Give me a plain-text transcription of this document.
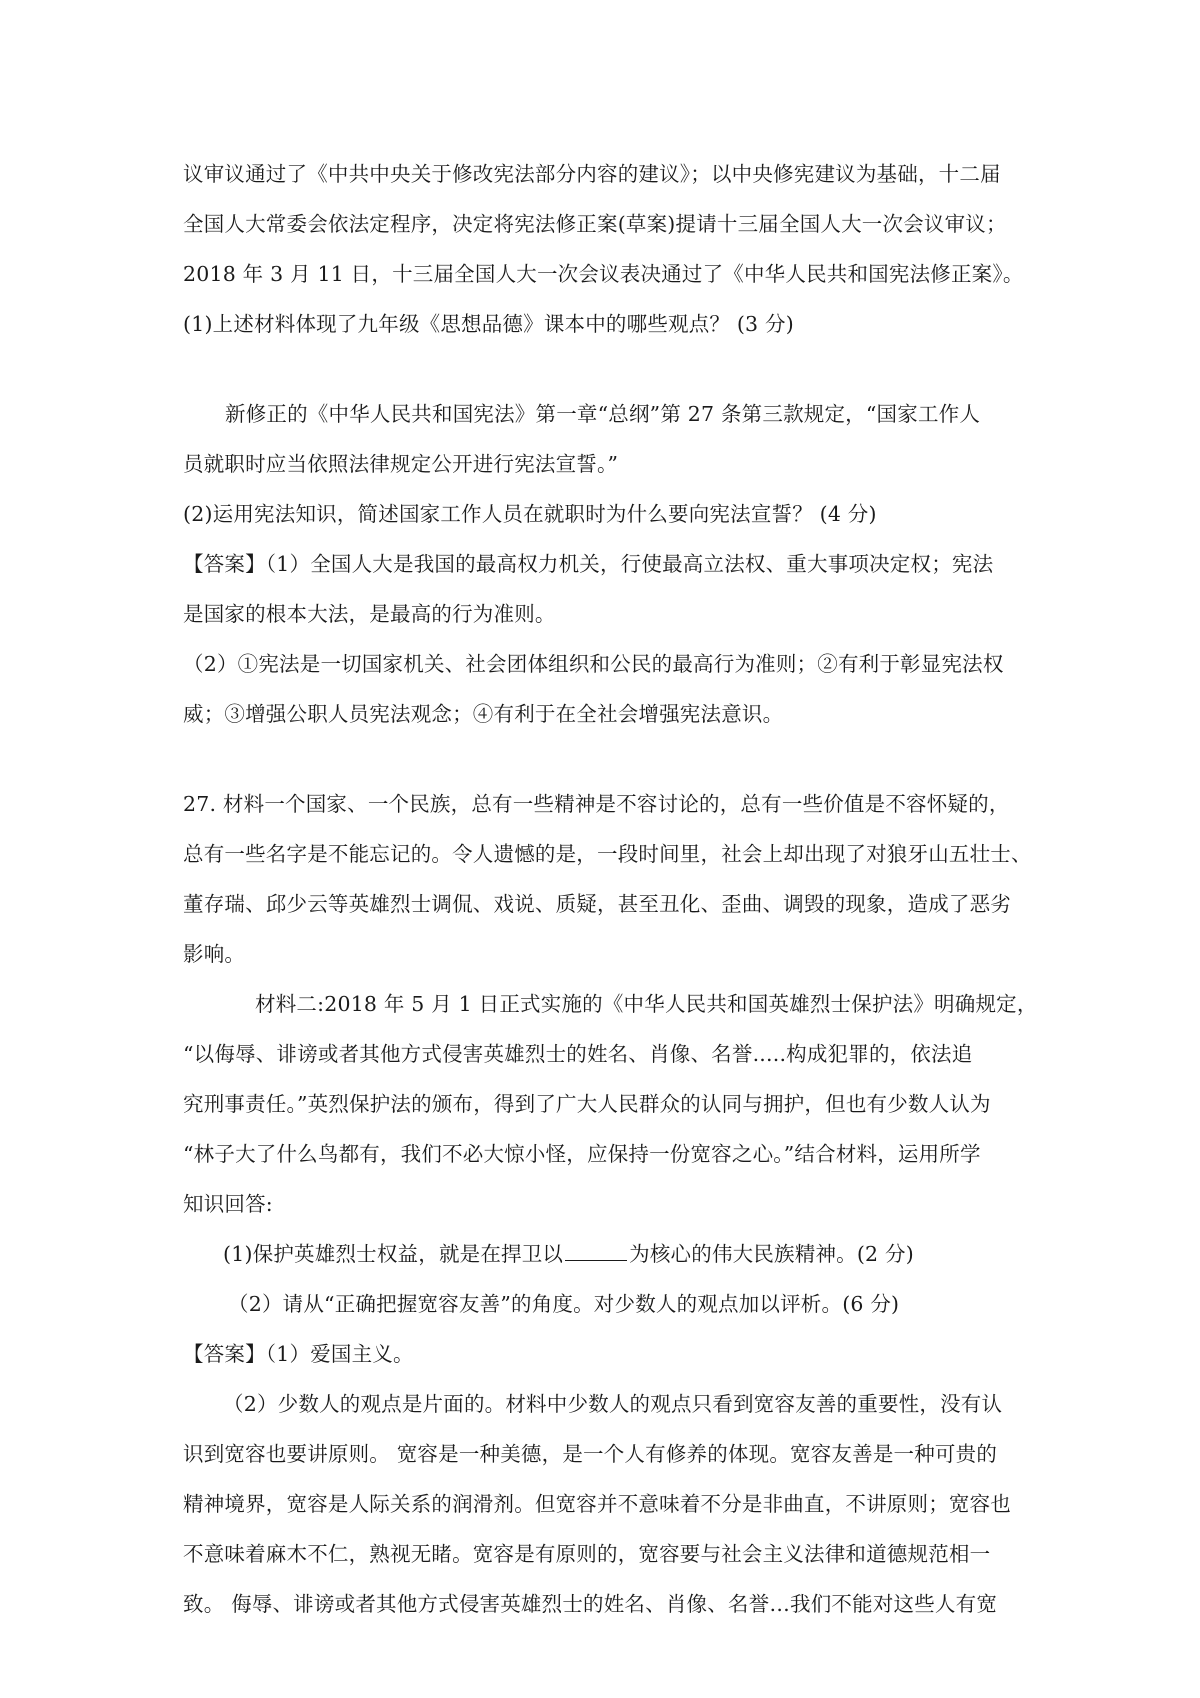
议审议通过了《中共中央关于修改宪法部分内容的建议》；以中央修宪建议为基础，十二届
全国人大常委会依法定程序，决定将宪法修正案(草案)提请十三届全国人大一次会议审议；
2018 年 3 月 11 日，十三届全国人大一次会议表决通过了《中华人民共和国宪法修正案》。
(1)上述材料体现了九年级《思想品德》课本中的哪些观点？ (3 分)
新修正的《中华人民共和国宪法》第一章“总纲”第 27 条第三款规定，“国家工作人
员就职时应当依照法律规定公开进行宪法宣誓。”
(2)运用宪法知识，简述国家工作人员在就职时为什么要向宪法宣誓？ (4 分)
【答案】（1）全国人大是我国的最高权力机关，行使最高立法权、重大事项决定权；宪法
是国家的根本大法，是最高的行为准则。
（2）①宪法是一切国家机关、社会团体组织和公民的最高行为准则；②有利于彰显宪法权
威；③增强公职人员宪法观念；④有利于在全社会增强宪法意识。
27. 材料一个国家、一个民族，总有一些精神是不容讨论的，总有一些价值是不容怀疑的，
总有一些名字是不能忘记的。令人遗憾的是，一段时间里，社会上却出现了对狼牙山五壮士、
董存瑞、邱少云等英雄烈士调侃、戏说、质疑，甚至丑化、歪曲、调毁的现象，造成了恶劣
影响。
材料二:2018 年 5 月 1 日正式实施的《中华人民共和国英雄烈士保护法》明确规定，
“以侮辱、诽谤或者其他方式侵害英雄烈士的姓名、肖像、名誉.....构成犯罪的，依法追
究刑事责任。”英烈保护法的颁布，得到了广大人民群众的认同与拥护，但也有少数人认为
“林子大了什么鸟都有，我们不必大惊小怪，应保持一份宽容之心。”结合材料，运用所学
知识回答:
(1)保护英雄烈士权益，就是在捍卫以	为核心的伟大民族精神。(2 分)
（2）请从“正确把握宽容友善”的角度。对少数人的观点加以评析。(6 分)
【答案】（1）爱国主义。
（2）少数人的观点是片面的。材料中少数人的观点只看到宽容友善的重要性，没有认
识到宽容也要讲原则。 宽容是一种美德，是一个人有修养的体现。宽容友善是一种可贵的
精神境界，宽容是人际关系的润滑剂。但宽容并不意味着不分是非曲直，不讲原则；宽容也
不意味着麻木不仁，熟视无睹。宽容是有原则的，宽容要与社会主义法律和道德规范相一
致。 侮辱、诽谤或者其他方式侵害英雄烈士的姓名、肖像、名誉…我们不能对这些人有宽
